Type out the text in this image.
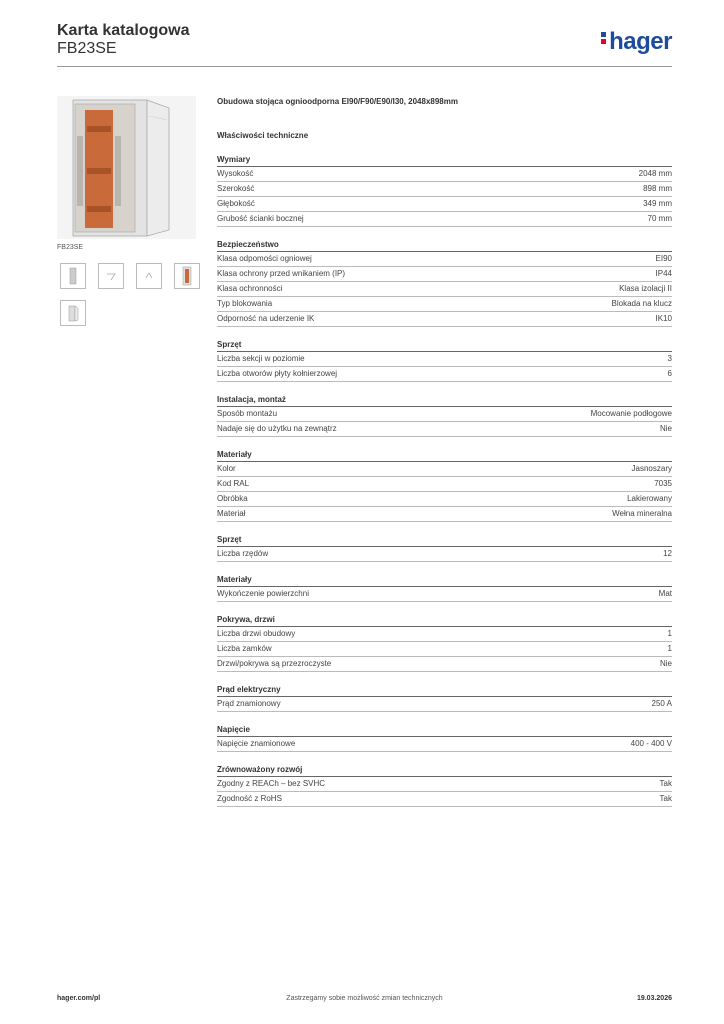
Karta katalogowa
FB23SE	hager
FB23SE
Obudowa stojąca ognioodporna EI90/F90/E90/I30, 2048x898mm
Właściwości techniczne
Wymiary
Wysokość	2048 mm
Szerokość	898 mm
Głębokość	349 mm
Grubość ścianki bocznej	70 mm
Bezpieczeństwo
Klasa odpomości ogniowej	EI90
Klasa ochrony przed wnikaniem (IP)	IP44
Klasa ochronności	Klasa izolacji II
Typ blokowania	Blokada na klucz
Odporność na uderzenie IK	IK10
Sprzęt
Liczba sekcji w poziomie	3
Liczba otworów płyty kołnierzowej	6
Instalacja, montaż
Sposób montażu	Mocowanie podłogowe
Nadaje się do użytku na zewnątrz	Nie
Materiały
Kolor	Jasnoszary
Kod RAL	7035
Obróbka	Lakierowany
Materiał	Wełna mineralna
Sprzęt
Liczba rzędów	12
Materiały
Wykończenie powierzchni	Mat
Pokrywa, drzwi
Liczba drzwi obudowy	1
Liczba zamków	1
Drzwi/pokrywa są przezroczyste	Nie
Prąd elektryczny
Prąd znamionowy	250 A
Napięcie
Napięcie znamionowe	400 - 400 V
Zrównoważony rozwój
Zgodny z REACh – bez SVHC	Tak
Zgodność z RoHS	Tak
hager.com/pl	Zastrzegamy sobie możliwość zmian technicznych	19.03.2026
